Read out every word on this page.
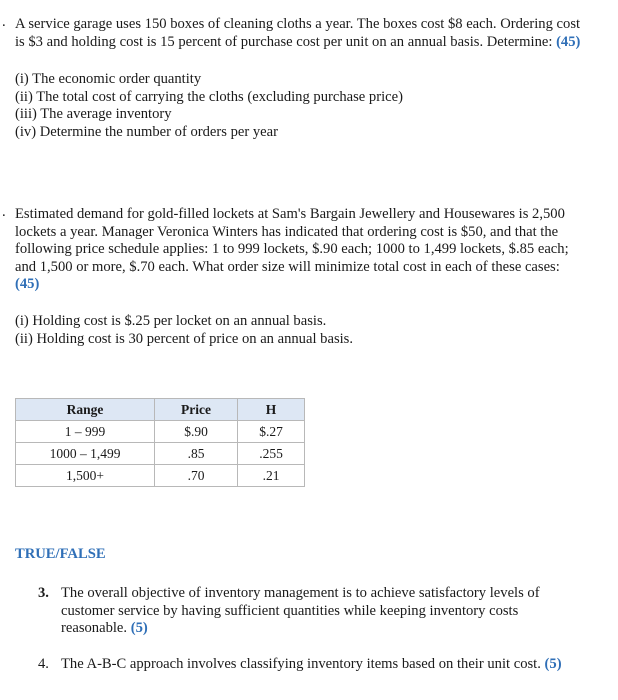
. A service garage uses 150 boxes of cleaning cloths a year. The boxes cost $8 each. Ordering cost
is $3 and holding cost is 15 percent of purchase cost per unit on an annual basis. Determine: (45)
(i) The economic order quantity
(ii) The total cost of carrying the cloths (excluding purchase price)
(iii) The average inventory
(iv) Determine the number of orders per year
. Estimated demand for gold-filled lockets at Sam's Bargain Jewellery and Housewares is 2,500
lockets a year. Manager Veronica Winters has indicated that ordering cost is $50, and that the
following price schedule applies: 1 to 999 lockets, $.90 each; 1000 to 1,499 lockets, $.85 each;
and 1,500 or more, $.70 each. What order size will minimize total cost in each of these cases:
(45)
(i) Holding cost is $.25 per locket on an annual basis.
(ii) Holding cost is 30 percent of price on an annual basis.
Range	Price	H
1 – 999	$.90	$.27
1000 – 1,499	.85	.255
1,500+	.70	.21
TRUE/FALSE
3. The overall objective of inventory management is to achieve satisfactory levels of
customer service by having sufficient quantities while keeping inventory costs
reasonable. (5)
4. The A-B-C approach involves classifying inventory items based on their unit cost. (5)
